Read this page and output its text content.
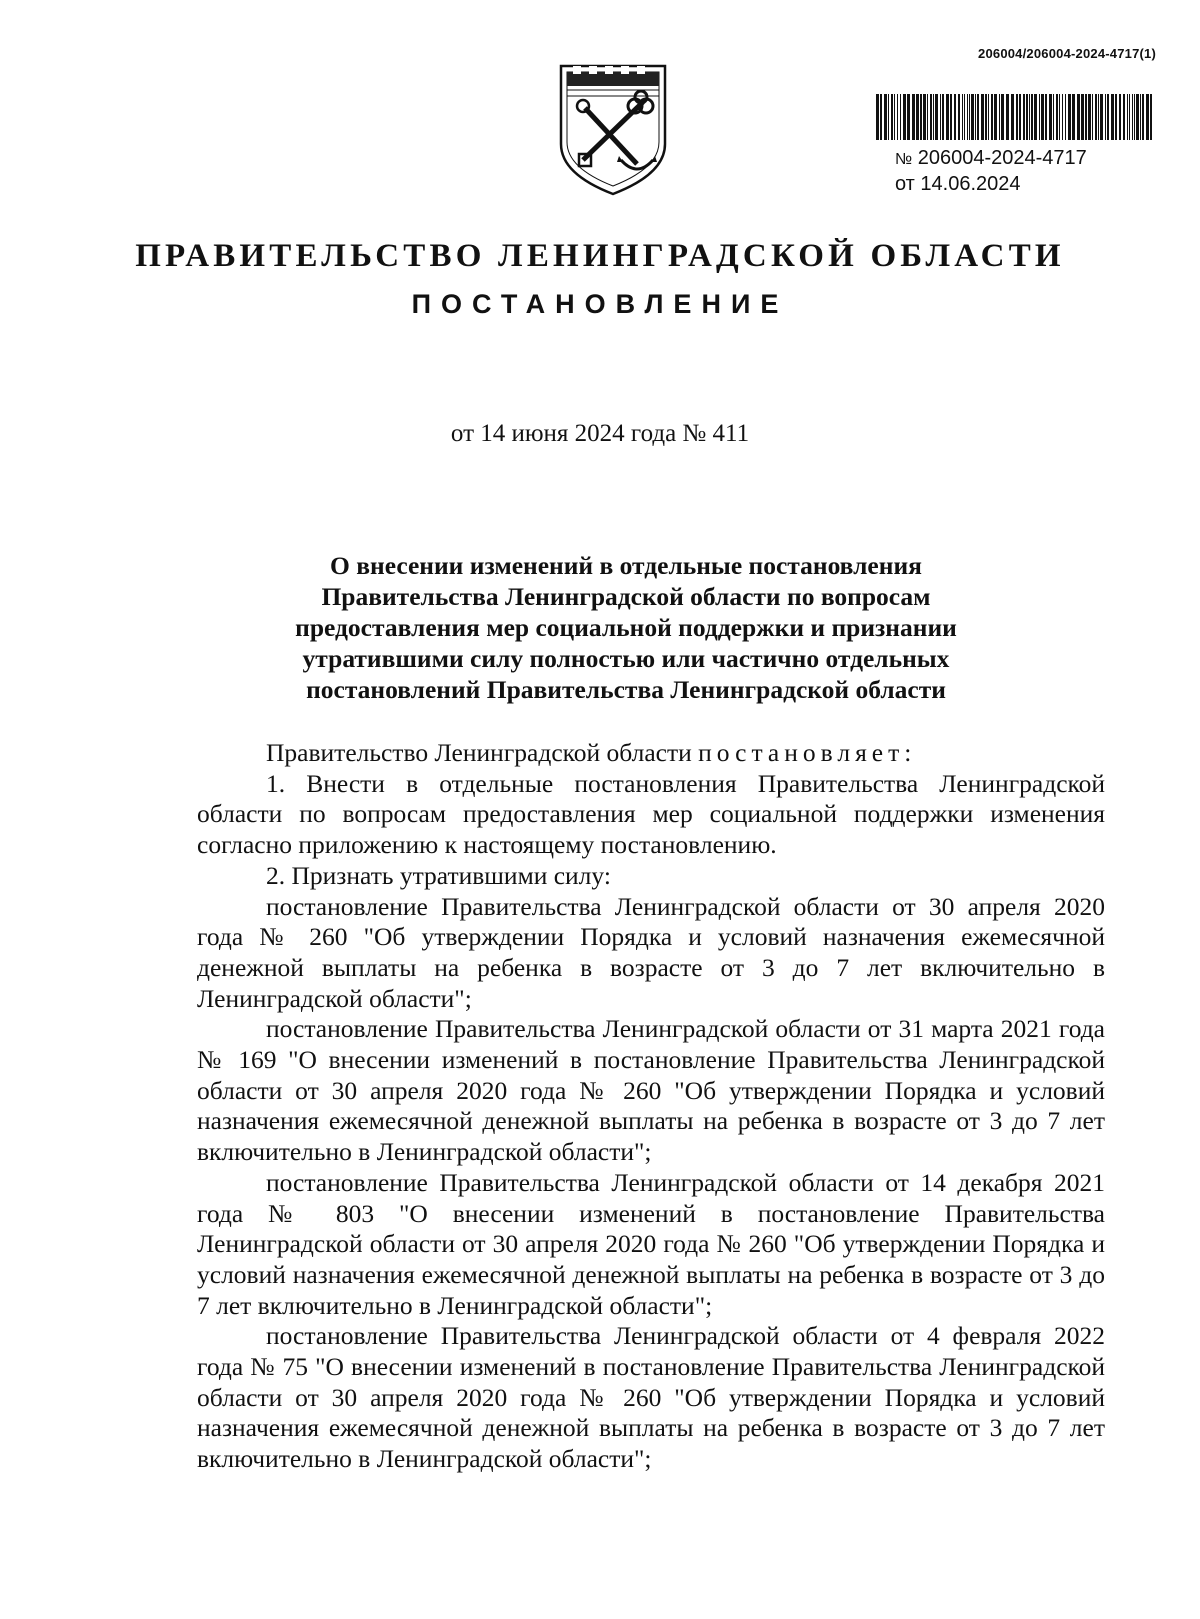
206004/206004-2024-4717(1)
№ 206004-2024-4717
от 14.06.2024
ПРАВИТЕЛЬСТВО ЛЕНИНГРАДСКОЙ ОБЛАСТИ
ПОСТАНОВЛЕНИЕ
от 14 июня 2024 года № 411
О внесении изменений в отдельные постановления
Правительства Ленинградской области по вопросам
предоставления мер социальной поддержки и признании
утратившими силу полностью или частично отдельных
постановлений Правительства Ленинградской области

Правительство Ленинградской области постановляет:

1. Внести в отдельные постановления Правительства Ленинградской области по вопросам предоставления мер социальной поддержки изменения согласно приложению к настоящему постановлению.

2. Признать утратившими силу:

постановление Правительства Ленинградской области от 30 апреля 2020 года № 260 "Об утверждении Порядка и условий назначения ежемесячной денежной выплаты на ребенка в возрасте от 3 до 7 лет включительно в Ленинградской области";

постановление Правительства Ленинградской области от 31 марта 2021 года № 169 "О внесении изменений в постановление Правительства Ленинградской области от 30 апреля 2020 года № 260 "Об утверждении Порядка и условий назначения ежемесячной денежной выплаты на ребенка в возрасте от 3 до 7 лет включительно в Ленинградской области";

постановление Правительства Ленинградской области от 14 декабря 2021 года № 803 "О внесении изменений в постановление Правительства Ленинградской области от 30 апреля 2020 года № 260 "Об утверждении Порядка и условий назначения ежемесячной денежной выплаты на ребенка в возрасте от 3 до 7 лет включительно в Ленинградской области";

постановление Правительства Ленинградской области от 4 февраля 2022 года № 75 "О внесении изменений в постановление Правительства Ленинградской области от 30 апреля 2020 года № 260 "Об утверждении Порядка и условий назначения ежемесячной денежной выплаты на ребенка в возрасте от 3 до 7 лет включительно в Ленинградской области";
